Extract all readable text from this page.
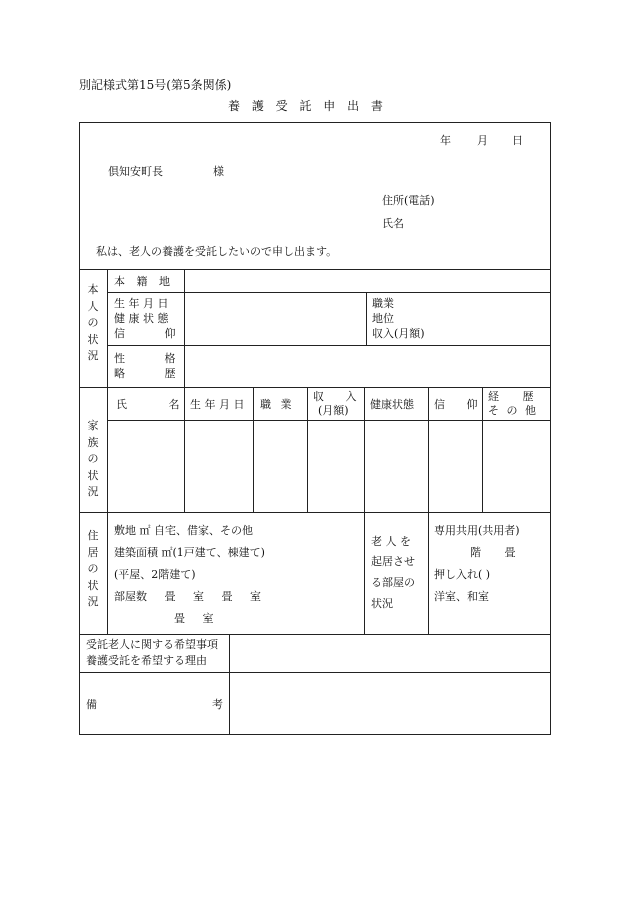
別記様式第15号(第5条関係)
養 護 受 託 申 出 書
年 月 日
倶知安町長	様
住所(電話)
氏名
私は、老人の養護を受託したいので申し出ます。
本人の状況
本 籍 地
生 年 月 日
健 康 状 態
信 仰
職業
地位
収入(月額)
性 格
略 歴
家族の状況
氏 名 生 年 月 日 職 業
収 入
(月額) 健康状態 信 仰
経 歴
そ の 他
住居の状況
敷地 ㎡ 自宅、借家、その他
建築面積 ㎡(1戸建て、棟建て)
(平屋、2階建て)
部屋数 畳 室 畳 室
畳 室
老 人 を
起居させ
る部屋の
状況
専用共用(共用者)
階 畳
押し入れ( )
洋室、和室
受託老人に関する希望事項
養護受託を希望する理由
備	考
